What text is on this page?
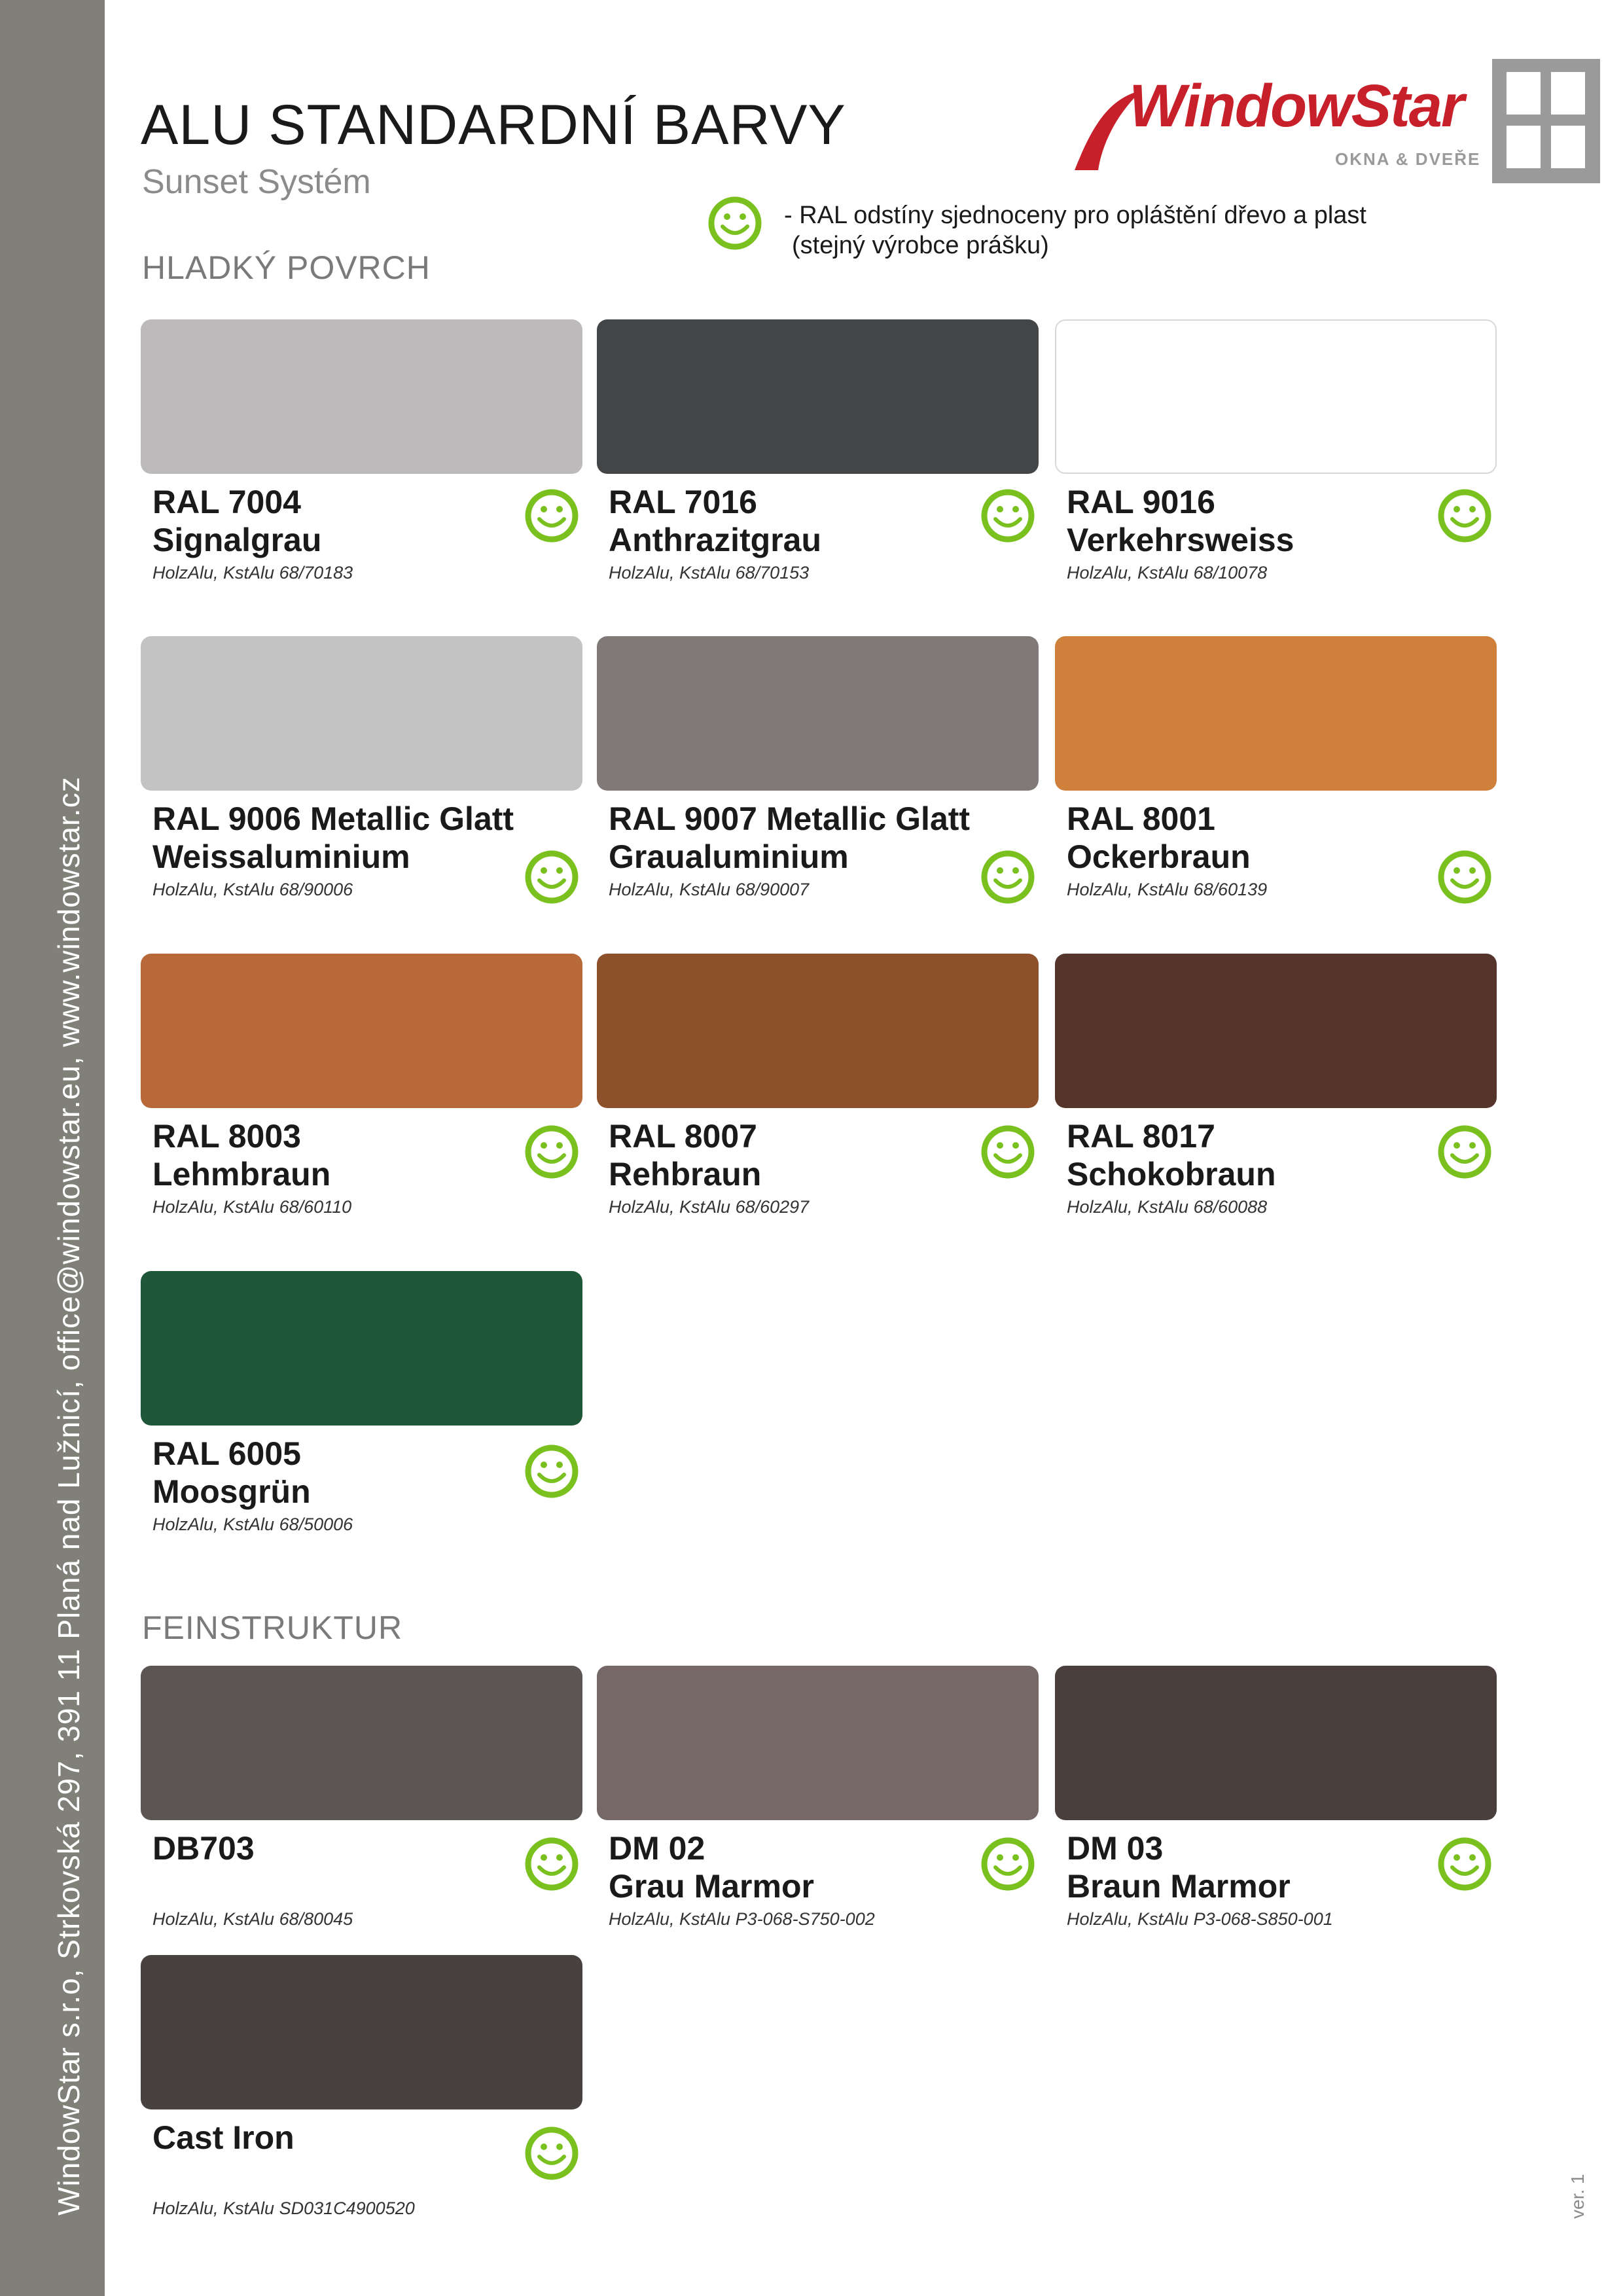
WindowStar s.r.o, Strkovská 297, 391 11 Planá nad Lužnicí, office@windowstar.eu, www.windowstar.cz
ALU STANDARDNÍ BARVY
Sunset Systém
WindowStar
OKNA & DVEŘE
- RAL odstíny sjednoceny pro opláštění dřevo a plast
(stejný výrobce prášku)
HLADKÝ POVRCH
FEINSTRUKTUR
RAL 7004
Signalgrau
HolzAlu, KstAlu 68/70183
RAL 7016
Anthrazitgrau
HolzAlu, KstAlu 68/70153
RAL 9016
Verkehrsweiss
HolzAlu, KstAlu 68/10078
RAL 9006 Metallic Glatt
Weissaluminium
HolzAlu, KstAlu 68/90006
RAL 9007 Metallic Glatt
Graualuminium
HolzAlu, KstAlu 68/90007
RAL 8001
Ockerbraun
HolzAlu, KstAlu 68/60139
RAL 8003
Lehmbraun
HolzAlu, KstAlu 68/60110
RAL 8007
Rehbraun
HolzAlu, KstAlu 68/60297
RAL 8017
Schokobraun
HolzAlu, KstAlu 68/60088
RAL 6005
Moosgrün
HolzAlu, KstAlu 68/50006
DB703
HolzAlu, KstAlu 68/80045
DM 02
Grau Marmor
HolzAlu, KstAlu P3-068-S750-002
DM 03
Braun Marmor
HolzAlu, KstAlu P3-068-S850-001
Cast Iron
HolzAlu, KstAlu SD031C4900520	ver. 1
